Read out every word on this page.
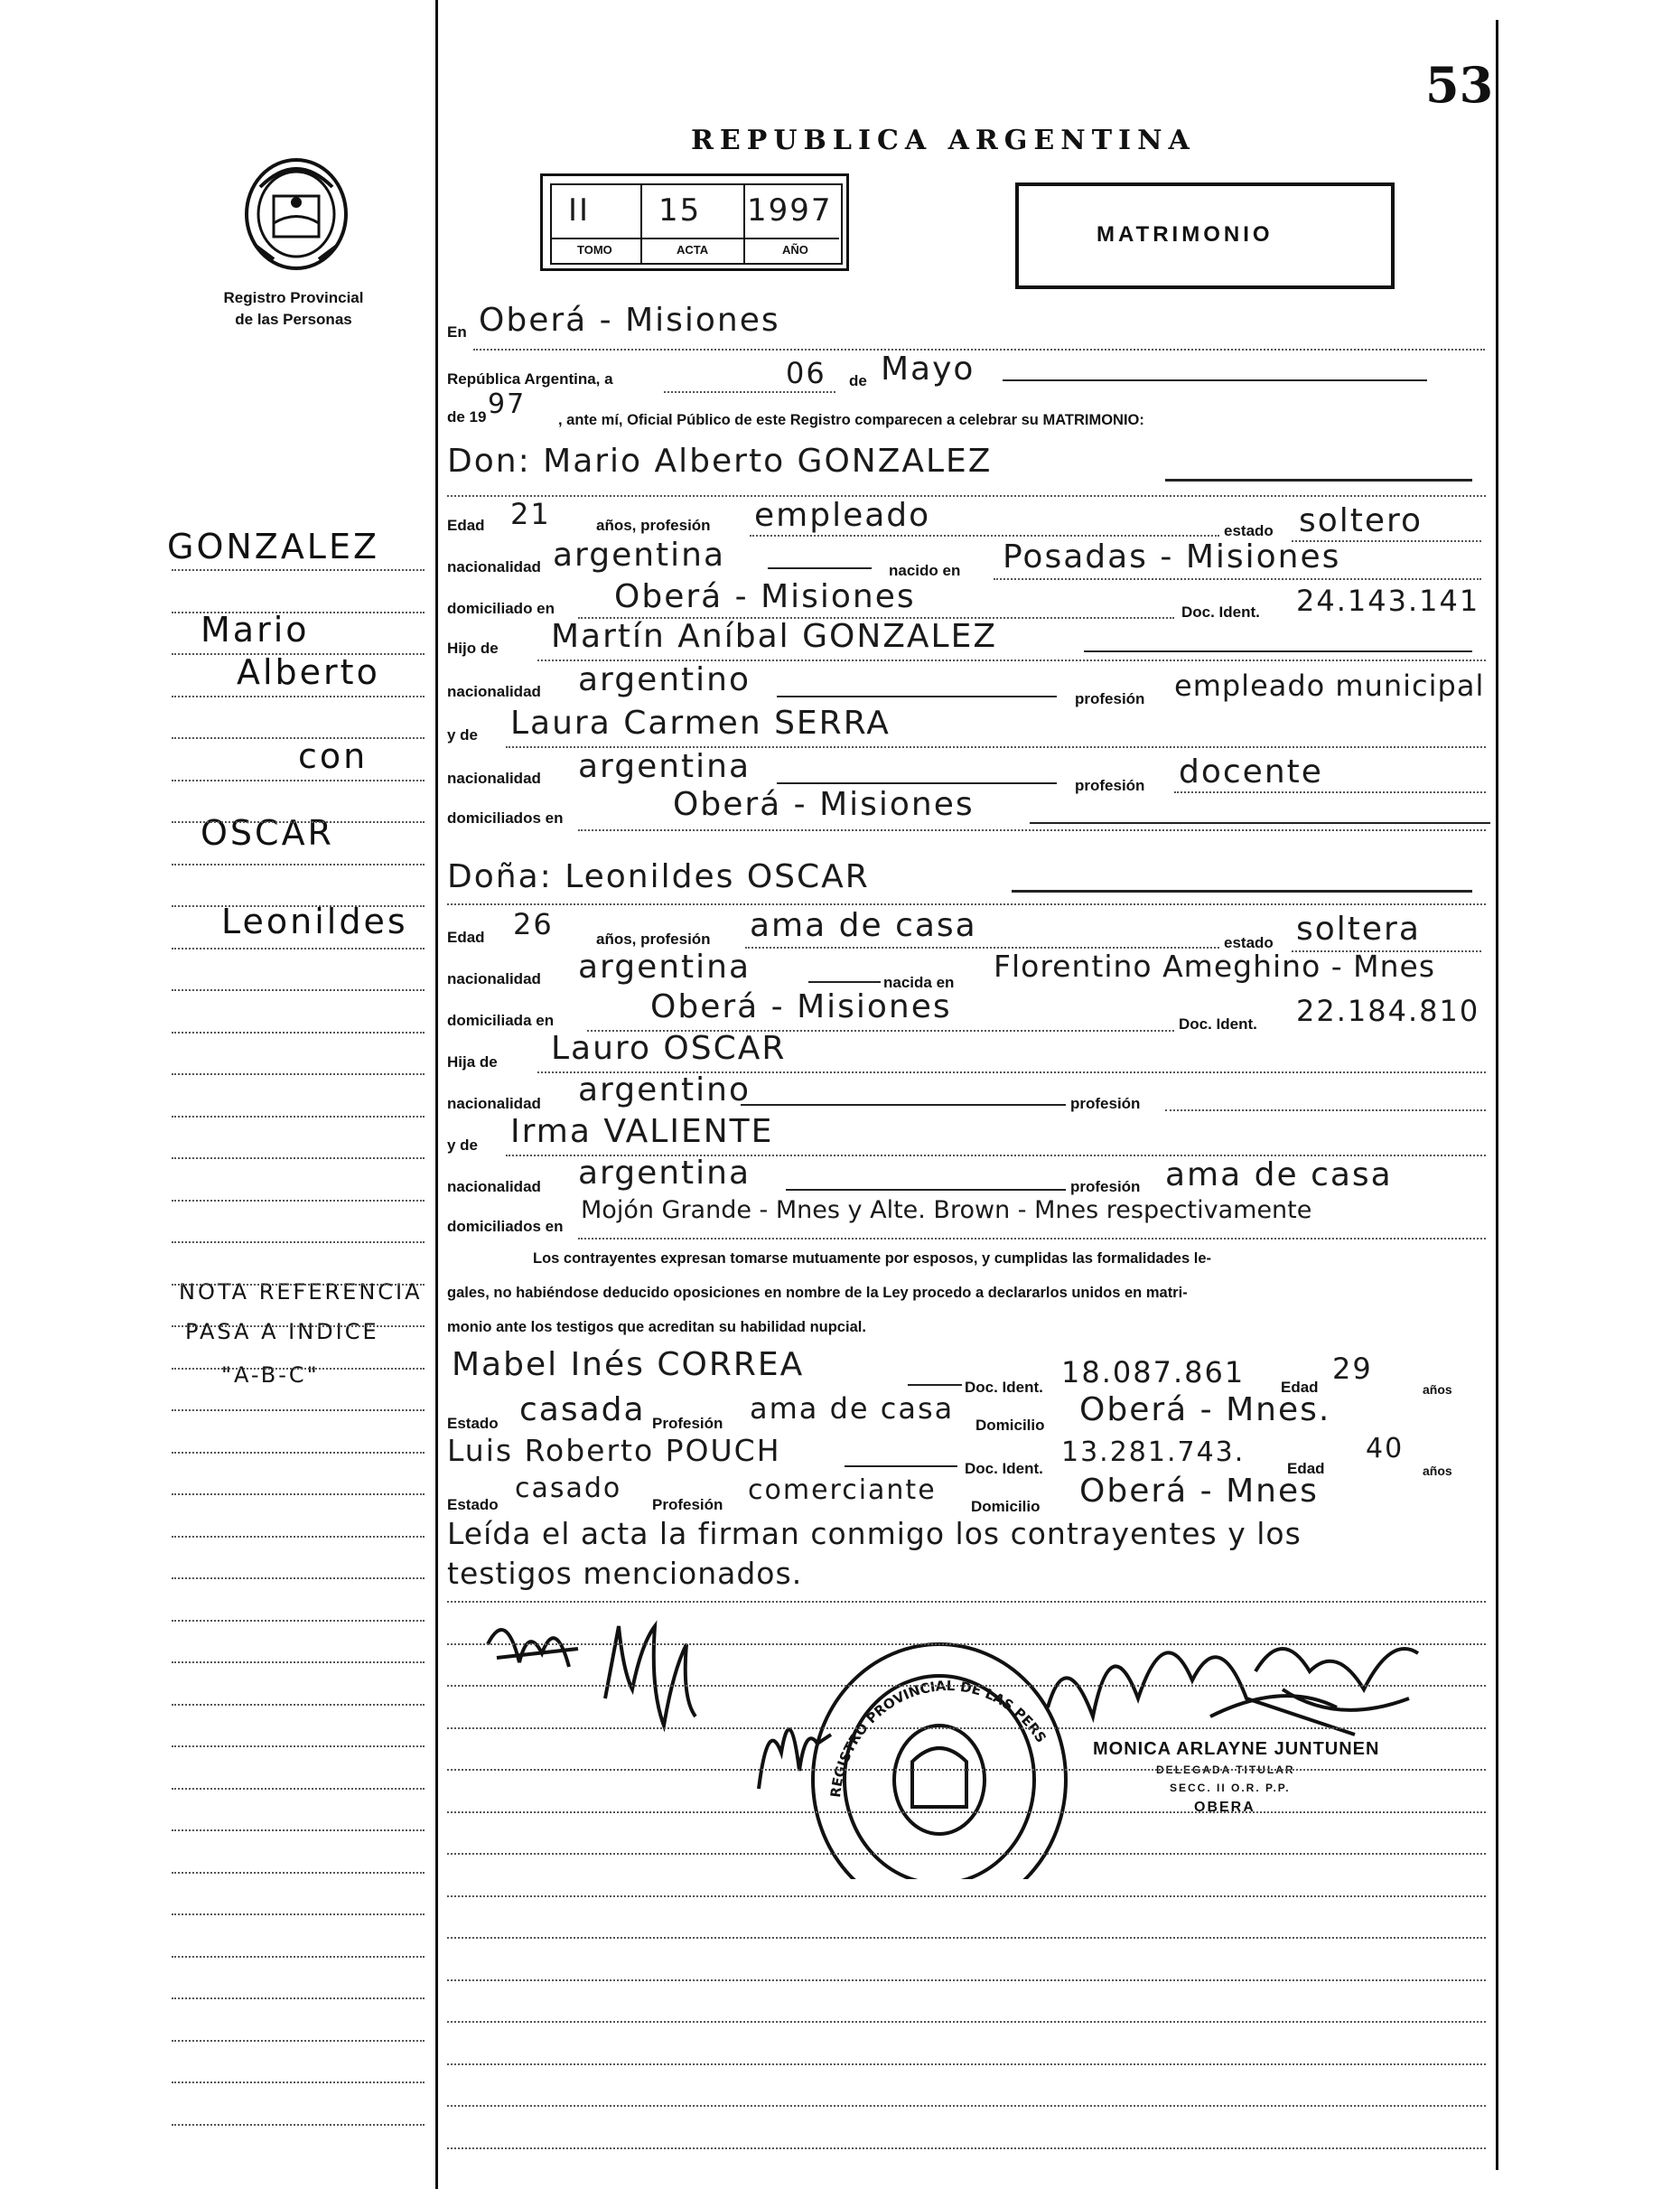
53
REPUBLICA ARGENTINA
Registro Provincial
de las Personas
II 15 1997
TOMO	ACTA	AÑO
MATRIMONIO
GONZALEZ
Mario
Alberto
con
OSCAR
Leonildes
NOTA REFERENCIA
PASA A INDICE
"A-B-C"
En Oberá - Misiones
República Argentina, a	06 de Mayo
de 19 97 , ante mí, Oficial Público de este Registro comparecen a celebrar su MATRIMONIO:
Don: Mario Alberto GONZALEZ
Edad 21	años, profesión empleado	estado soltero
nacionalidad argentina	nacido en Posadas - Misiones
domiciliado en Oberá - Misiones	Doc. Ident. 24.143.141
Hijo de Martín Aníbal GONZALEZ
nacionalidad argentino
profesión empleado municipal
y de Laura Carmen SERRA
nacionalidad argentina
profesión docente
domiciliados en	Oberá - Misiones
Doña: Leonildes OSCAR
Edad 26	años, profesión ama de casa	estado soltera
nacionalidad argentina	nacida en Florentino Ameghino - Mnes
domiciliada en	Oberá - Misiones	Doc. Ident. 22.184.810
Hija de Lauro OSCAR
nacionalidad argentino	profesión
y de Irma VALIENTE
nacionalidad argentina	profesión ama de casa
domiciliados en
Mojón Grande - Mnes y Alte. Brown - Mnes respectivamente
Los contrayentes expresan tomarse mutuamente por esposos, y cumplidas las formalidades le-
gales, no habiéndose deducido oposiciones en nombre de la Ley procedo a declararlos unidos en matri-
monio ante los testigos que acreditan su habilidad nupcial.
Mabel Inés CORREA
Doc. Ident. 18.087.861 Edad
29
años
Estado casada Profesión ama de casa Domicilio Oberá - Mnes.
Luis Roberto POUCH
Doc. Ident.
13.281.743.
Edad
40
años
Estado
casado
Profesión comerciante
Domicilio Oberá - Mnes
Leída el acta la firman conmigo los contrayentes y los
testigos mencionados.
MONICA ARLAYNE JUNTUNEN
DELEGADA TITULAR
SECC. II O.R. P.P.
OBERA
REGISTRO PROVINCIAL DE LAS PERS
